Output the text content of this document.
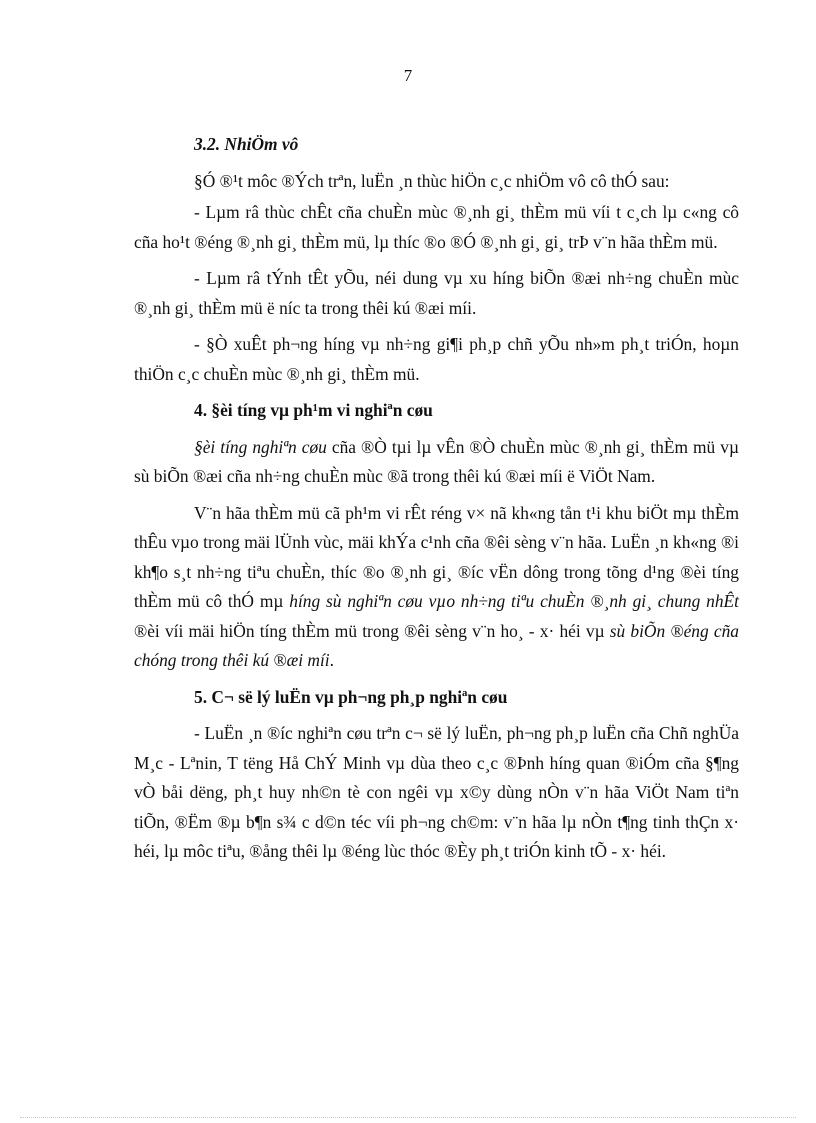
7

3.2. NhiÖm vô

§Ó ®¹t môc ®Ých trªn, luËn ¸n thùc hiÖn c¸c nhiÖm vô cô thÓ sau:

- Lµm râ thùc chÊt cña chuÈn mùc ®¸nh gi¸ thÈm mü víi t c¸ch lµ c«ng cô cña ho¹t ®éng ®¸nh gi¸ thÈm mü, lµ thíc ®o ®Ó ®¸nh gi¸ gi¸ trÞ v¨n hãa thÈm mü.

- Lµm râ tÝnh tÊt yÕu, néi dung vµ xu híng biÕn ®æi nh÷ng chuÈn mùc ®¸nh gi¸ thÈm mü ë níc ta trong thêi kú ®æi míi.

- §Ò xuÊt ph¬ng híng vµ nh÷ng gi¶i ph¸p chñ yÕu nh»m ph¸t triÓn, hoµn thiÖn c¸c chuÈn mùc ®¸nh gi¸ thÈm mü.

4. §èi tíng vµ ph¹m vi nghiªn cøu

§èi tíng nghiªn cøu cña ®Ò tµi lµ vÊn ®Ò chuÈn mùc ®¸nh gi¸ thÈm mü vµ sù biÕn ®æi cña nh÷ng chuÈn mùc ®ã trong thêi kú ®æi míi ë ViÖt Nam.

V¨n hãa thÈm mü cã ph¹m vi rÊt réng v× nã kh«ng tån t¹i khu biÖt mµ thÈm thÊu vµo trong mäi lÜnh vùc, mäi khÝa c¹nh cña ®êi sèng v¨n hãa. LuËn ¸n kh«ng ®i kh¶o s¸t nh÷ng tiªu chuÈn, thíc ®o ®¸nh gi¸ ®íc vËn dông trong tõng d¹ng ®èi tíng thÈm mü cô thÓ mµ híng sù nghiªn cøu vµo nh÷ng tiªu chuÈn ®¸nh gi¸ chung nhÊt ®èi víi mäi hiÖn tíng thÈm mü trong ®êi sèng v¨n ho¸ - x· héi vµ sù biÕn ®éng cña chóng trong thêi kú ®æi míi.

5. C¬ së lý luËn vµ ph¬ng ph¸p nghiªn cøu

- LuËn ¸n ®íc nghiªn cøu trªn c¬ së lý luËn, ph¬ng ph¸p luËn cña Chñ nghÜa M¸c - Lªnin, T tëng Hå ChÝ Minh vµ dùa theo c¸c ®Þnh híng quan ®iÓm cña §¶ng vÒ båi dëng, ph¸t huy nh©n tè con ngêi vµ x©y dùng nÒn v¨n hãa ViÖt Nam tiªn tiÕn, ®Ëm ®µ b¶n s¾ c d©n téc víi ph¬ng ch©m: v¨n hãa lµ nÒn t¶ng tinh thÇn x· héi, lµ môc tiªu, ®ång thêi lµ ®éng lùc thóc ®Èy ph¸t triÓn kinh tÕ - x· héi.
